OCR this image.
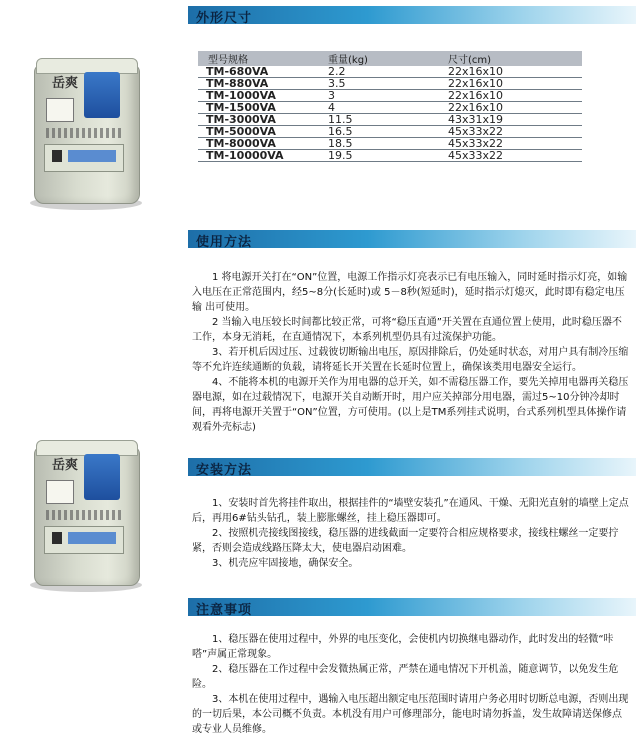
岳爽
岳爽
外形尺寸
型号规格	重量(kg)	尺寸(cm)
TM-680VA	2.2	22x16x10
TM-880VA	3.5	22x16x10
TM-1000VA	3	22x16x10
TM-1500VA	4	22x16x10
TM-3000VA	11.5	43x31x19
TM-5000VA	16.5	45x33x22
TM-8000VA	18.5	45x33x22
TM-10000VA	19.5	45x33x22
使用方法

1 将电源开关打在“ON”位置，电源工作指示灯亮表示已有电压输入，同时延时指示灯亮，如输入电压在正常范围内，经5~8分(长延时)或 5－8秒(短延时)，延时指示灯熄灭，此时即有稳定电压输 出可使用。

2 当输入电压较长时间都比较正常，可将“稳压直通”开关置在直通位置上使用，此时稳压器不工作，本身无消耗，在直通情况下，本系列机型仍具有过流保护功能。

3、若开机后因过压、过载彼切断输出电压，原因排除后，仍处延时状态，对用户具有制冷压缩等不允许连续通断的负载，请将延长开关置在长延时位置上，确保该类用电器安全运行。

4、不能将本机的电源开关作为用电器的总开关，如不需稳压器工作，要先关掉用电器再关稳压器电源，如在过载情况下，电源开关自动断开时，用户应关掉部分用电器，需过5~10分钟冷却时间，再将电源开关置于“ON”位置，方可使用。(以上是TM系列挂式说明，台式系列机型具体操作请观看外壳标志)

安装方法

1、安装时首先将挂件取出，根据挂件的“墙壁安装孔”在通风、干燥、无阳光直射的墙壁上定点后，再用6#钻头钻孔，装上膨胀螺丝，挂上稳压器即可。

2、按照机壳接线图接线，稳压器的进线截面一定要符合相应规格要求，接线柱螺丝一定要拧紧，否则会造成线路压降太大，使电器启动困难。

3、机壳应牢固接地，确保安全。

注意事项

1、稳压器在使用过程中，外界的电压变化，会使机内切换继电器动作，此时发出的轻微“咔嗒”声属正常现象。

2、稳压器在工作过程中会发微热属正常，严禁在通电情况下开机盖，随意调节，以免发生危险。

3、本机在使用过程中，遇输入电压超出额定电压范围时请用户务必用时切断总电源，否则出现的一切后果，本公司概不负责。本机没有用户可修理部分，能电时请勿拆盖，发生故障请送保修点或专业人员维修。
